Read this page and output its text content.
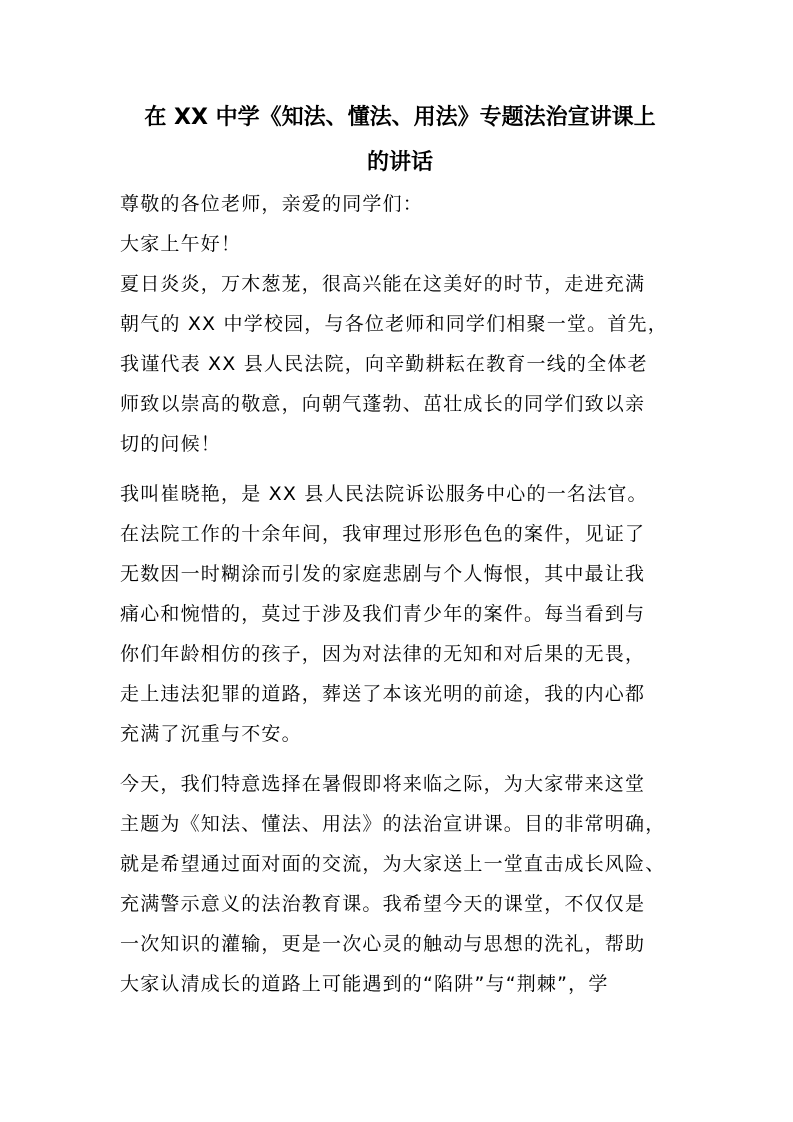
在 XX 中学《知法、懂法、用法》专题法治宣讲课上
的讲话
尊敬的各位老师，亲爱的同学们：
大家上午好！
夏日炎炎，万木葱茏，很高兴能在这美好的时节，走进充满
朝气的 XX 中学校园，与各位老师和同学们相聚一堂。首先，
我谨代表 XX 县人民法院，向辛勤耕耘在教育一线的全体老
师致以崇高的敬意，向朝气蓬勃、茁壮成长的同学们致以亲
切的问候！
我叫崔晓艳，是 XX 县人民法院诉讼服务中心的一名法官。
在法院工作的十余年间，我审理过形形色色的案件，见证了
无数因一时糊涂而引发的家庭悲剧与个人悔恨，其中最让我
痛心和惋惜的，莫过于涉及我们青少年的案件。每当看到与
你们年龄相仿的孩子，因为对法律的无知和对后果的无畏，
走上违法犯罪的道路，葬送了本该光明的前途，我的内心都
充满了沉重与不安。
今天，我们特意选择在暑假即将来临之际，为大家带来这堂
主题为《知法、懂法、用法》的法治宣讲课。目的非常明确，
就是希望通过面对面的交流，为大家送上一堂直击成长风险、
充满警示意义的法治教育课。我希望今天的课堂，不仅仅是
一次知识的灌输，更是一次心灵的触动与思想的洗礼，帮助
大家认清成长的道路上可能遇到的“陷阱”与“荆棘”，学
